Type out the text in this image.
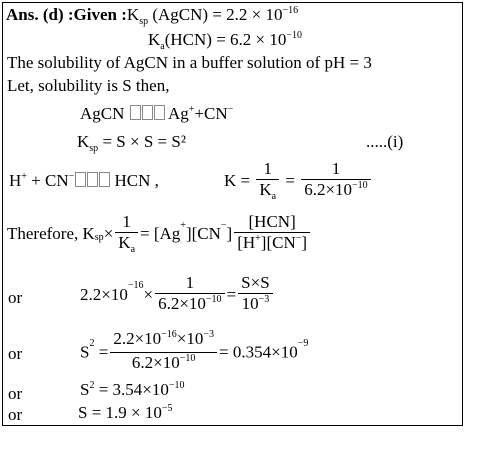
Ans. (d) :Given $:K_{sp}$ (AgCN) = $2.2 \times 10^{-16}$
$K_a(HCN) = 6.2 \times 10^{-10}$
The solubility of AgCN in a buffer solution of pH = 3
Let, solubility is S then,
AgCN	Ag++CN−
$K_{sp} = S \times S = S^2$	.....(i)
H+ + CN− HCN ,	$K = \frac{1}{K_a} = \frac{1}{6.2\times 10^{-10}}$
Therefore, $K_{sp}\times \frac{1}{K_a} = [Ag^+][CN^-] \frac{\text{[HCN]}}{[H^+][CN^-]}$
or	$2.2\times 10^{-16}\times \frac{1}{6.2\times 10^{-10}} = \frac{S\times S}{10^{-3}}$
or	$S^2 = \frac{2.2\times 10^{-16}\times 10^{-3}}{6.2\times 10^{-10}} = 0.354\times 10^{-9}$
or	$S^2 = 3.54\times 10^{-10}$
or	$S = 1.9 \times 10^{-5}$
